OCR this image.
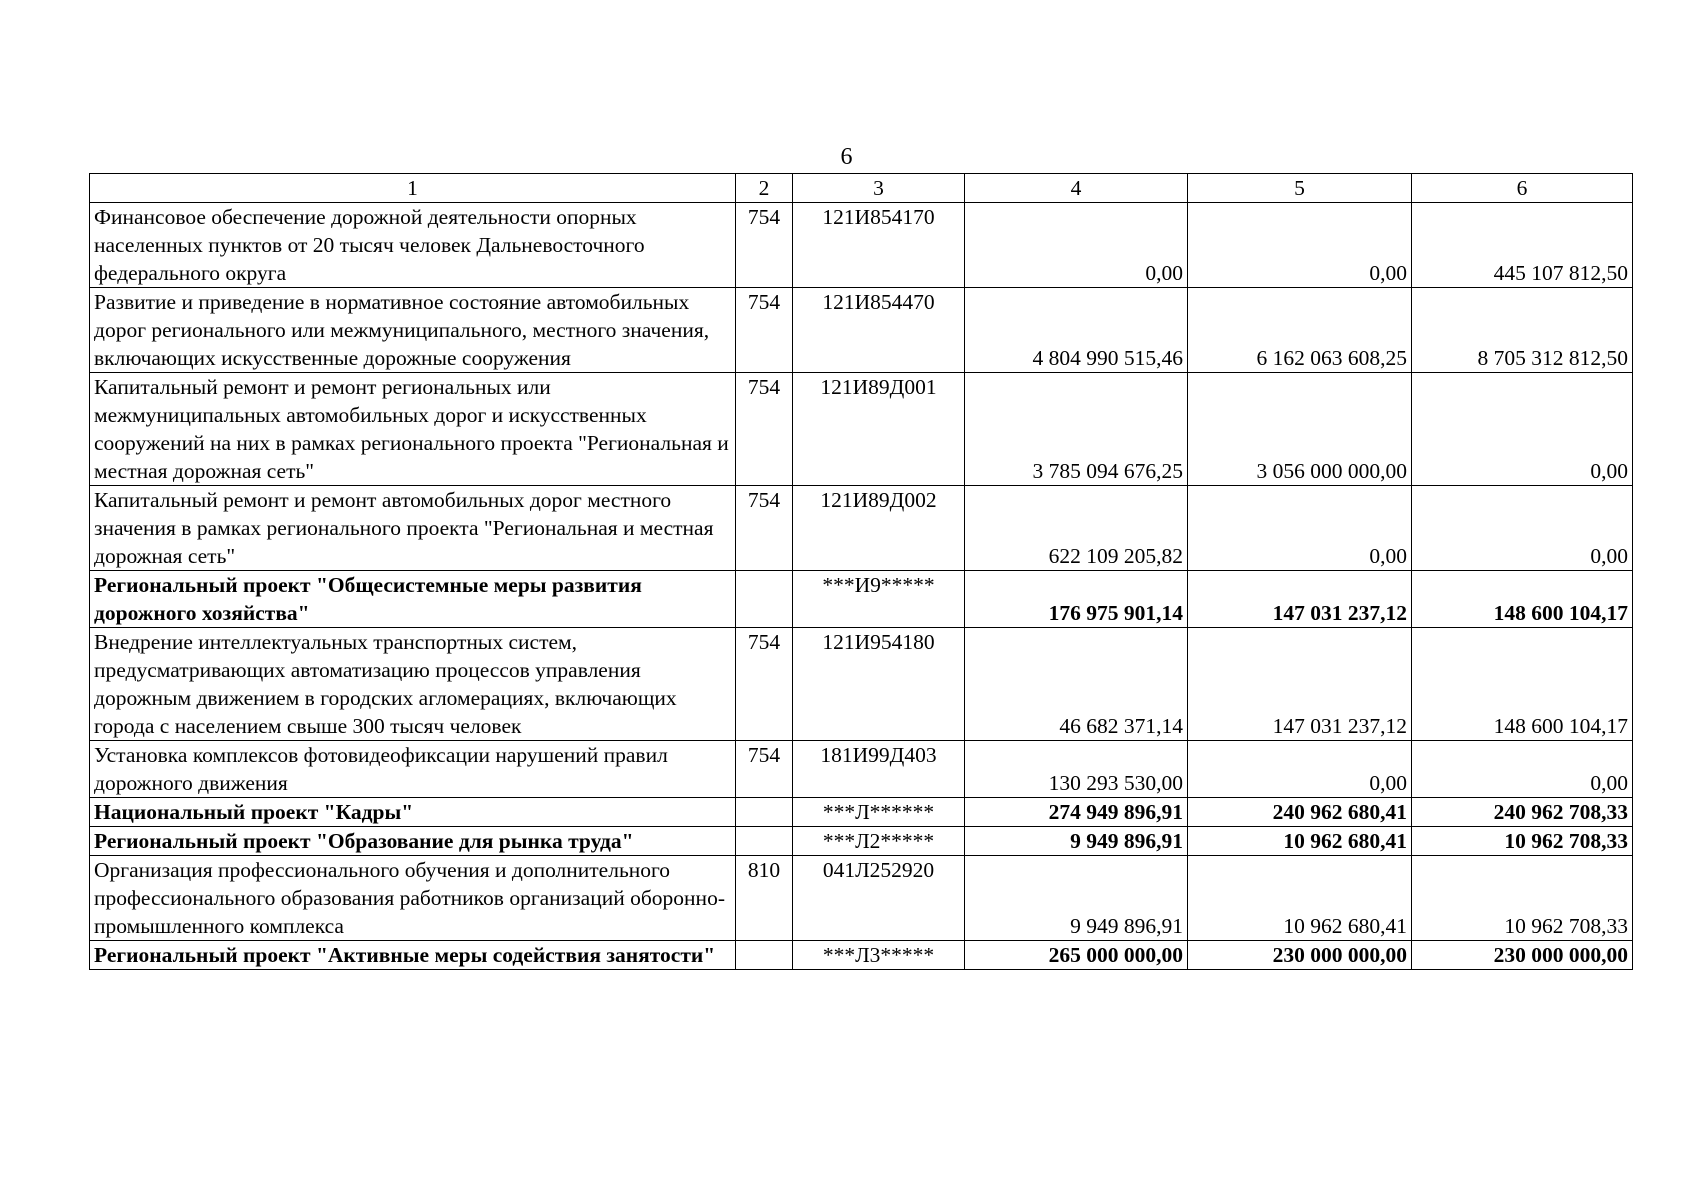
6
1	2	3	4	5	6
Финансовое обеспечение дорожной деятельности опорных населенных пунктов от 20 тысяч человек Дальневосточного федерального округа	754	121И854170	0,00	0,00	445 107 812,50
Развитие и приведение в нормативное состояние автомобильных дорог регионального или межмуниципального, местного значения, включающих искусственные дорожные сооружения	754	121И854470	4 804 990 515,46	6 162 063 608,25	8 705 312 812,50
Капитальный ремонт и ремонт региональных или межмуниципальных автомобильных дорог и искусственных сооружений на них в рамках регионального проекта "Региональная и местная дорожная сеть"	754	121И89Д001	3 785 094 676,25	3 056 000 000,00	0,00
Капитальный ремонт и ремонт автомобильных дорог местного значения в рамках регионального проекта "Региональная и местная дорожная сеть"	754	121И89Д002	622 109 205,82	0,00	0,00
Региональный проект "Общесистемные меры развития дорожного хозяйства"		***И9*****	176 975 901,14	147 031 237,12	148 600 104,17
Внедрение интеллектуальных транспортных систем, предусматривающих автоматизацию процессов управления дорожным движением в городских агломерациях, включающих города с населением свыше 300 тысяч человек	754	121И954180	46 682 371,14	147 031 237,12	148 600 104,17
Установка комплексов фотовидеофиксации нарушений правил дорожного движения	754	181И99Д403	130 293 530,00	0,00	0,00
Национальный проект "Кадры"		***Л******	274 949 896,91	240 962 680,41	240 962 708,33
Региональный проект "Образование для рынка труда"		***Л2*****	9 949 896,91	10 962 680,41	10 962 708,33
Организация профессионального обучения и дополнительного профессионального образования работников организаций оборонно-промышленного комплекса	810	041Л252920	9 949 896,91	10 962 680,41	10 962 708,33
Региональный проект "Активные меры содействия занятости"		***Л3*****	265 000 000,00	230 000 000,00	230 000 000,00
